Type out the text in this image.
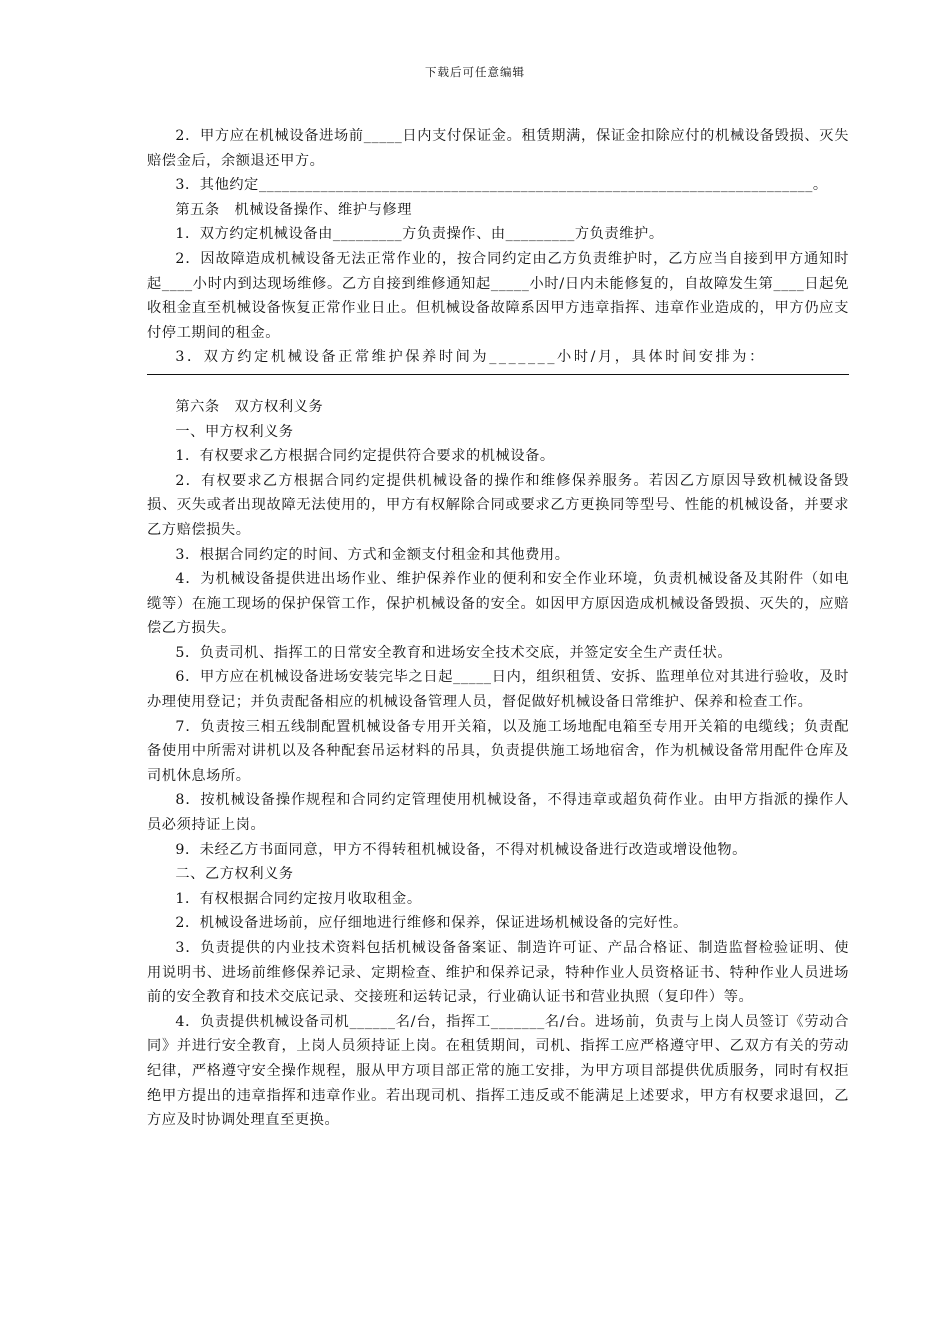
下载后可任意编辑

2．甲方应在机械设备进场前_____日内支付保证金。租赁期满，保证金扣除应付的机械设备毁损、灭失赔偿金后，余额退还甲方。

3．其他约定________________________________________________________________________。

第五条　机械设备操作、维护与修理

1．双方约定机械设备由_________方负责操作、由_________方负责维护。

2．因故障造成机械设备无法正常作业的，按合同约定由乙方负责维护时，乙方应当自接到甲方通知时起____小时内到达现场维修。乙方自接到维修通知起_____小时/日内未能修复的，自故障发生第____日起免收租金直至机械设备恢复正常作业日止。但机械设备故障系因甲方违章指挥、违章作业造成的，甲方仍应支付停工期间的租金。

3．双方约定机械设备正常维护保养时间为_______小时/月，具体时间安排为：

第六条　双方权利义务

一、甲方权利义务

1．有权要求乙方根据合同约定提供符合要求的机械设备。

2．有权要求乙方根据合同约定提供机械设备的操作和维修保养服务。若因乙方原因导致机械设备毁损、灭失或者出现故障无法使用的，甲方有权解除合同或要求乙方更换同等型号、性能的机械设备，并要求乙方赔偿损失。

3．根据合同约定的时间、方式和金额支付租金和其他费用。

4．为机械设备提供进出场作业、维护保养作业的便利和安全作业环境，负责机械设备及其附件（如电缆等）在施工现场的保护保管工作，保护机械设备的安全。如因甲方原因造成机械设备毁损、灭失的，应赔偿乙方损失。

5．负责司机、指挥工的日常安全教育和进场安全技术交底，并签定安全生产责任状。

6．甲方应在机械设备进场安装完毕之日起_____日内，组织租赁、安拆、监理单位对其进行验收，及时办理使用登记；并负责配备相应的机械设备管理人员，督促做好机械设备日常维护、保养和检查工作。

7．负责按三相五线制配置机械设备专用开关箱，以及施工场地配电箱至专用开关箱的电缆线；负责配备使用中所需对讲机以及各种配套吊运材料的吊具，负责提供施工场地宿舍，作为机械设备常用配件仓库及司机休息场所。

8．按机械设备操作规程和合同约定管理使用机械设备，不得违章或超负荷作业。由甲方指派的操作人员必须持证上岗。

9．未经乙方书面同意，甲方不得转租机械设备，不得对机械设备进行改造或增设他物。

二、乙方权利义务

1．有权根据合同约定按月收取租金。

2．机械设备进场前，应仔细地进行维修和保养，保证进场机械设备的完好性。

3．负责提供的内业技术资料包括机械设备备案证、制造许可证、产品合格证、制造监督检验证明、使用说明书、进场前维修保养记录、定期检查、维护和保养记录，特种作业人员资格证书、特种作业人员进场前的安全教育和技术交底记录、交接班和运转记录，行业确认证书和营业执照（复印件）等。

4．负责提供机械设备司机______名/台，指挥工_______名/台。进场前，负责与上岗人员签订《劳动合同》并进行安全教育，上岗人员须持证上岗。在租赁期间，司机、指挥工应严格遵守甲、乙双方有关的劳动纪律，严格遵守安全操作规程，服从甲方项目部正常的施工安排，为甲方项目部提供优质服务，同时有权拒绝甲方提出的违章指挥和违章作业。若出现司机、指挥工违反或不能满足上述要求，甲方有权要求退回，乙方应及时协调处理直至更换。
